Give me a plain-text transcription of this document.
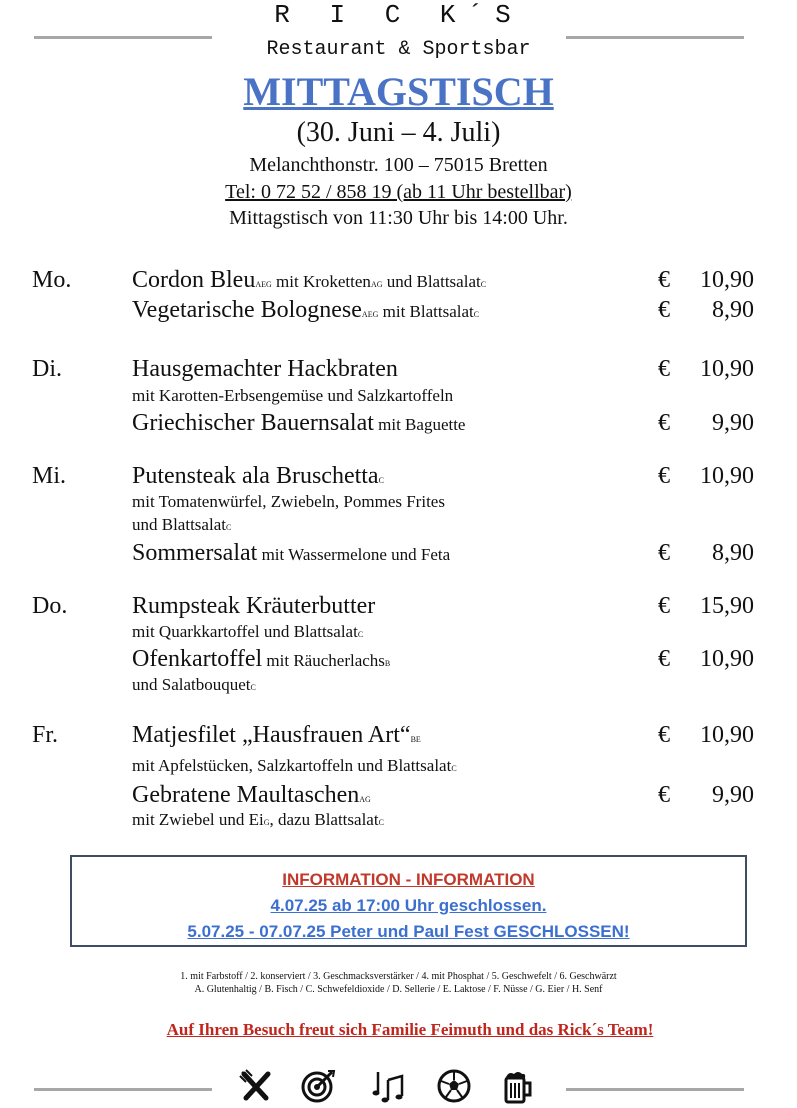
R I C K´S
Restaurant & Sportsbar
MITTAGSTISCH
(30. Juni – 4. Juli)
Melanchthonstr. 100 – 75015 Bretten
Tel: 0 72 52 / 858 19 (ab 11 Uhr bestellbar)
Mittagstisch von 11:30 Uhr bis 14:00 Uhr.
Mo.	Cordon BleuAEG mit KrokettenAG und BlattsalatC	€ 10,90
Vegetarische BologneseAEG mit BlattsalatC	€ 8,90
Di.	Hausgemachter Hackbraten	€ 10,90
mit Karotten-Erbsengemüse und Salzkartoffeln
Griechischer Bauernsalat mit Baguette	€ 9,90
Mi.	Putensteak ala BruschettaC	€ 10,90
mit Tomatenwürfel, Zwiebeln, Pommes Frites
und BlattsalatC
Sommersalat mit Wassermelone und Feta	€ 8,90
Do.	Rumpsteak Kräuterbutter	€ 15,90
mit Quarkkartoffel und BlattsalatC
Ofenkartoffel mit RäucherlachsB	€ 10,90
und SalatbouquetC
Fr.	Matjesfilet „Hausfrauen Art“BE	€ 10,90
mit Apfelstücken, Salzkartoffeln und BlattsalatC
Gebratene MaultaschenAG	€ 9,90
mit Zwiebel und EiG, dazu BlattsalatC
INFORMATION - INFORMATION
4.07.25 ab 17:00 Uhr geschlossen.
5.07.25 - 07.07.25 Peter und Paul Fest GESCHLOSSEN!
1. mit Farbstoff / 2. konserviert / 3. Geschmacksverstärker / 4. mit Phosphat / 5. Geschwefelt / 6. Geschwärzt
A. Glutenhaltig / B. Fisch / C. Schwefeldioxide / D. Sellerie / E. Laktose / F. Nüsse / G. Eier / H. Senf
Auf Ihren Besuch freut sich Familie Feimuth und das Rick´s Team!
